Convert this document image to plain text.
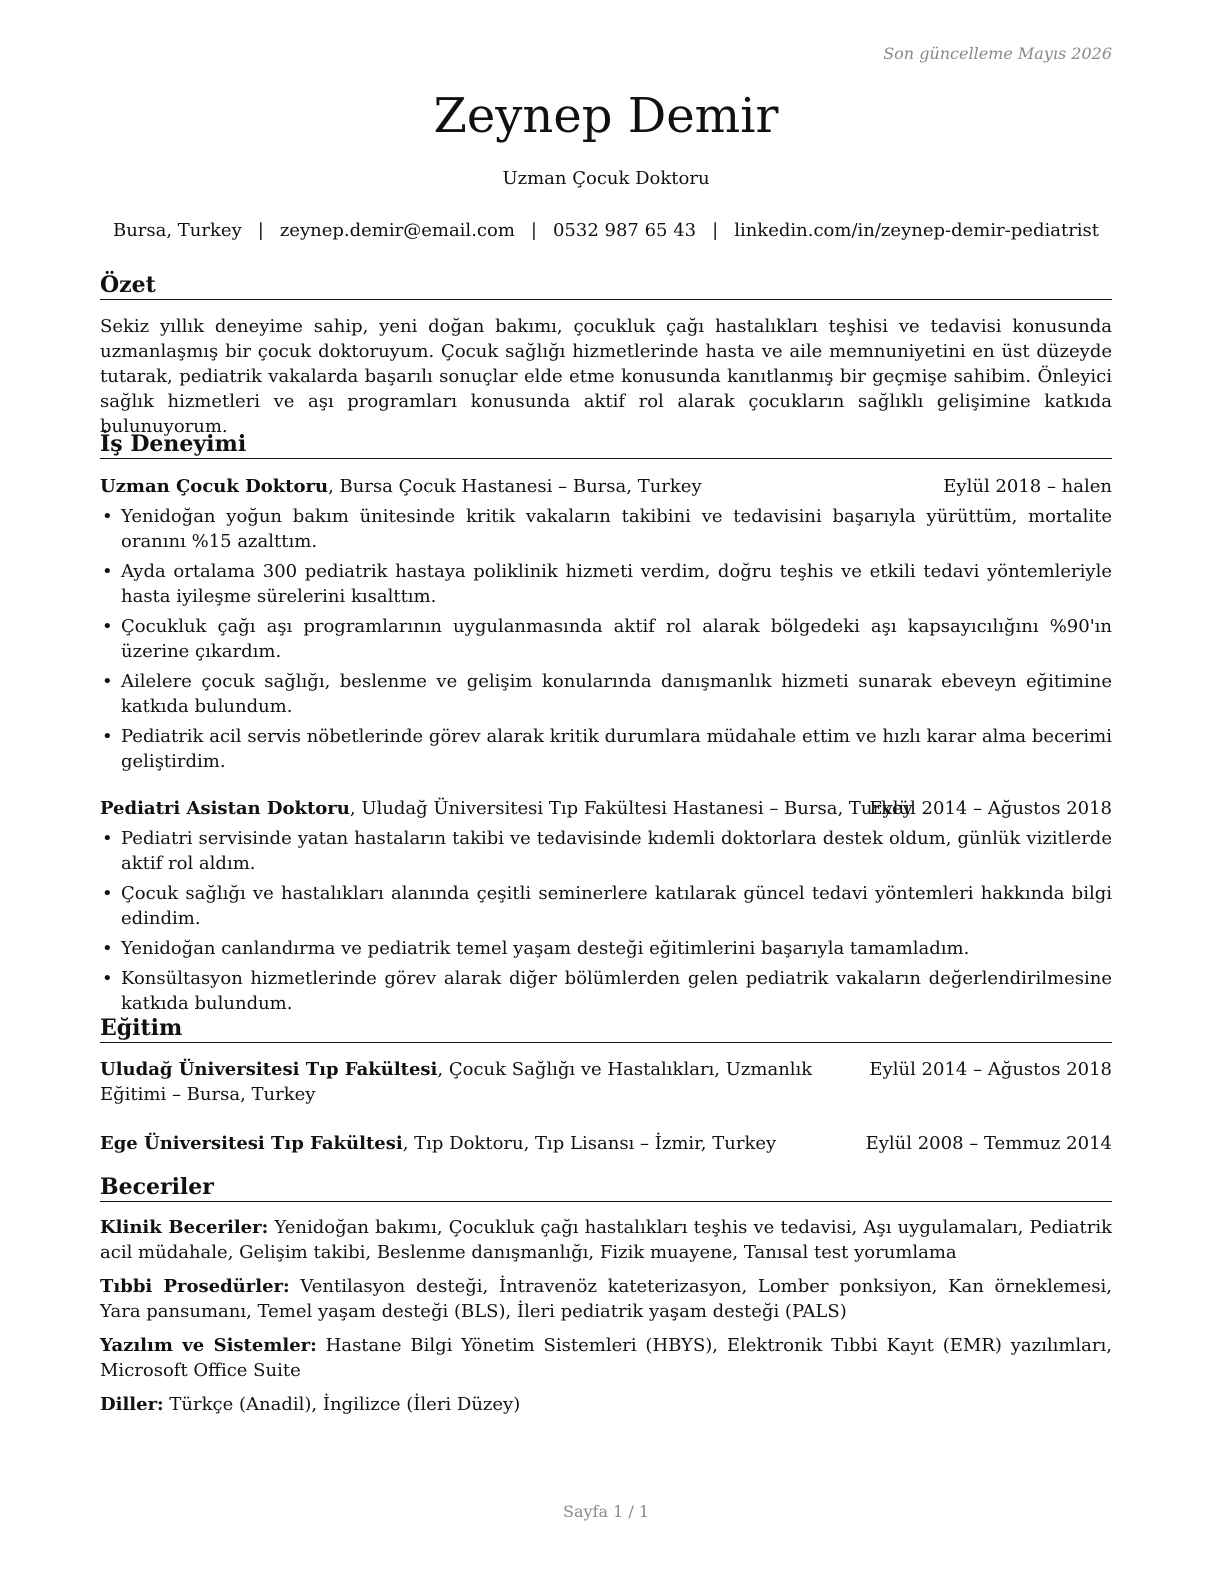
Son güncelleme Mayıs 2026
Zeynep Demir
Uzman Çocuk Doktoru
Bursa, Turkey | zeynep.demir@email.com | 0532 987 65 43 | linkedin.com/in/zeynep-demir-pediatrist
Özet
Sekiz yıllık deneyime sahip, yeni doğan bakımı, çocukluk çağı hastalıkları teşhisi ve tedavisi konusunda uzmanlaşmış bir çocuk doktoruyum. Çocuk sağlığı hizmetlerinde hasta ve aile memnuniyetini en üst düzeyde tutarak, pediatrik vakalarda başarılı sonuçlar elde etme konusunda kanıtlanmış bir geçmişe sahibim. Önleyici sağlık hizmetleri ve aşı programları konusunda aktif rol alarak çocukların sağlıklı gelişimine katkıda bulunuyorum.
İş Deneyimi
Uzman Çocuk Doktoru, Bursa Çocuk Hastanesi – Bursa, Turkey	Eylül 2018 – halen
• Yenidoğan yoğun bakım ünitesinde kritik vakaların takibini ve tedavisini başarıyla yürüttüm, mortalite oranını %15 azalttım.
• Ayda ortalama 300 pediatrik hastaya poliklinik hizmeti verdim, doğru teşhis ve etkili tedavi yöntemleriyle hasta iyileşme sürelerini kısalttım.
• Çocukluk çağı aşı programlarının uygulanmasında aktif rol alarak bölgedeki aşı kapsayıcılığını %90'ın üzerine çıkardım.
• Ailelere çocuk sağlığı, beslenme ve gelişim konularında danışmanlık hizmeti sunarak ebeveyn eğitimine katkıda bulundum.
• Pediatrik acil servis nöbetlerinde görev alarak kritik durumlara müdahale ettim ve hızlı karar alma becerimi geliştirdim.
Pediatri Asistan Doktoru, Uludağ Üniversitesi Tıp Fakültesi Hastanesi – Bursa, Turkey
Eylül 2014 – Ağustos 2018
• Pediatri servisinde yatan hastaların takibi ve tedavisinde kıdemli doktorlara destek oldum, günlük vizitlerde aktif rol aldım.
• Çocuk sağlığı ve hastalıkları alanında çeşitli seminerlere katılarak güncel tedavi yöntemleri hakkında bilgi edindim.
• Yenidoğan canlandırma ve pediatrik temel yaşam desteği eğitimlerini başarıyla tamamladım.
• Konsültasyon hizmetlerinde görev alarak diğer bölümlerden gelen pediatrik vakaların değerlendirilmesine katkıda bulundum.
Eğitim
Uludağ Üniversitesi Tıp Fakültesi, Çocuk Sağlığı ve Hastalıkları, Uzmanlık Eğitimi – Bursa, Turkey
Eylül 2014 – Ağustos 2018
Ege Üniversitesi Tıp Fakültesi, Tıp Doktoru, Tıp Lisansı – İzmir, Turkey	Eylül 2008 – Temmuz 2014
Beceriler
Klinik Beceriler: Yenidoğan bakımı, Çocukluk çağı hastalıkları teşhis ve tedavisi, Aşı uygulamaları, Pediatrik acil müdahale, Gelişim takibi, Beslenme danışmanlığı, Fizik muayene, Tanısal test yorumlama
Tıbbi Prosedürler: Ventilasyon desteği, İntravenöz kateterizasyon, Lomber ponksiyon, Kan örneklemesi, Yara pansumanı, Temel yaşam desteği (BLS), İleri pediatrik yaşam desteği (PALS)
Yazılım ve Sistemler: Hastane Bilgi Yönetim Sistemleri (HBYS), Elektronik Tıbbi Kayıt (EMR) yazılımları, Microsoft Office Suite
Diller: Türkçe (Anadil), İngilizce (İleri Düzey)
Sayfa 1 / 1
